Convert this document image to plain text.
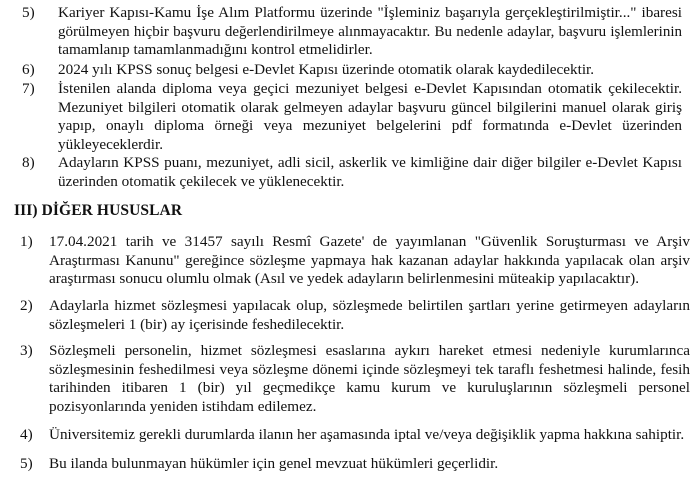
5)	Kariyer Kapısı-Kamu İşe Alım Platformu üzerinde "İşleminiz başarıyla gerçekleştirilmiştir..." ibaresi
görülmeyen hiçbir başvuru değerlendirilmeye alınmayacaktır. Bu nedenle adaylar, başvuru işlemlerinin
tamamlanıp tamamlanmadığını kontrol etmelidirler.
6)	2024 yılı KPSS sonuç belgesi e-Devlet Kapısı üzerinde otomatik olarak kaydedilecektir.
7)	İstenilen alanda diploma veya geçici mezuniyet belgesi e-Devlet Kapısından otomatik çekilecektir.
Mezuniyet bilgileri otomatik olarak gelmeyen adaylar başvuru güncel bilgilerini manuel olarak giriş
yapıp, onaylı diploma örneği veya mezuniyet belgelerini pdf formatında e-Devlet üzerinden
yükleyeceklerdir.
8)	Adayların KPSS puanı, mezuniyet, adli sicil, askerlik ve kimliğine dair diğer bilgiler e-Devlet Kapısı
üzerinden otomatik çekilecek ve yüklenecektir.
III) DİĞER HUSUSLAR
1)	17.04.2021 tarih ve 31457 sayılı Resmî Gazete' de yayımlanan "Güvenlik Soruşturması ve Arşiv
Araştırması Kanunu" gereğince sözleşme yapmaya hak kazanan adaylar hakkında yapılacak olan arşiv
araştırması sonucu olumlu olmak (Asıl ve yedek adayların belirlenmesini müteakip yapılacaktır).
2)	Adaylarla hizmet sözleşmesi yapılacak olup, sözleşmede belirtilen şartları yerine getirmeyen adayların
sözleşmeleri 1 (bir) ay içerisinde feshedilecektir.
3)	Sözleşmeli personelin, hizmet sözleşmesi esaslarına aykırı hareket etmesi nedeniyle kurumlarınca
sözleşmesinin feshedilmesi veya sözleşme dönemi içinde sözleşmeyi tek taraflı feshetmesi halinde, fesih
tarihinden itibaren 1 (bir) yıl geçmedikçe kamu kurum ve kuruluşlarının sözleşmeli personel
pozisyonlarında yeniden istihdam edilemez.
4)	Üniversitemiz gerekli durumlarda ilanın her aşamasında iptal ve/veya değişiklik yapma hakkına sahiptir.
5)	Bu ilanda bulunmayan hükümler için genel mevzuat hükümleri geçerlidir.
